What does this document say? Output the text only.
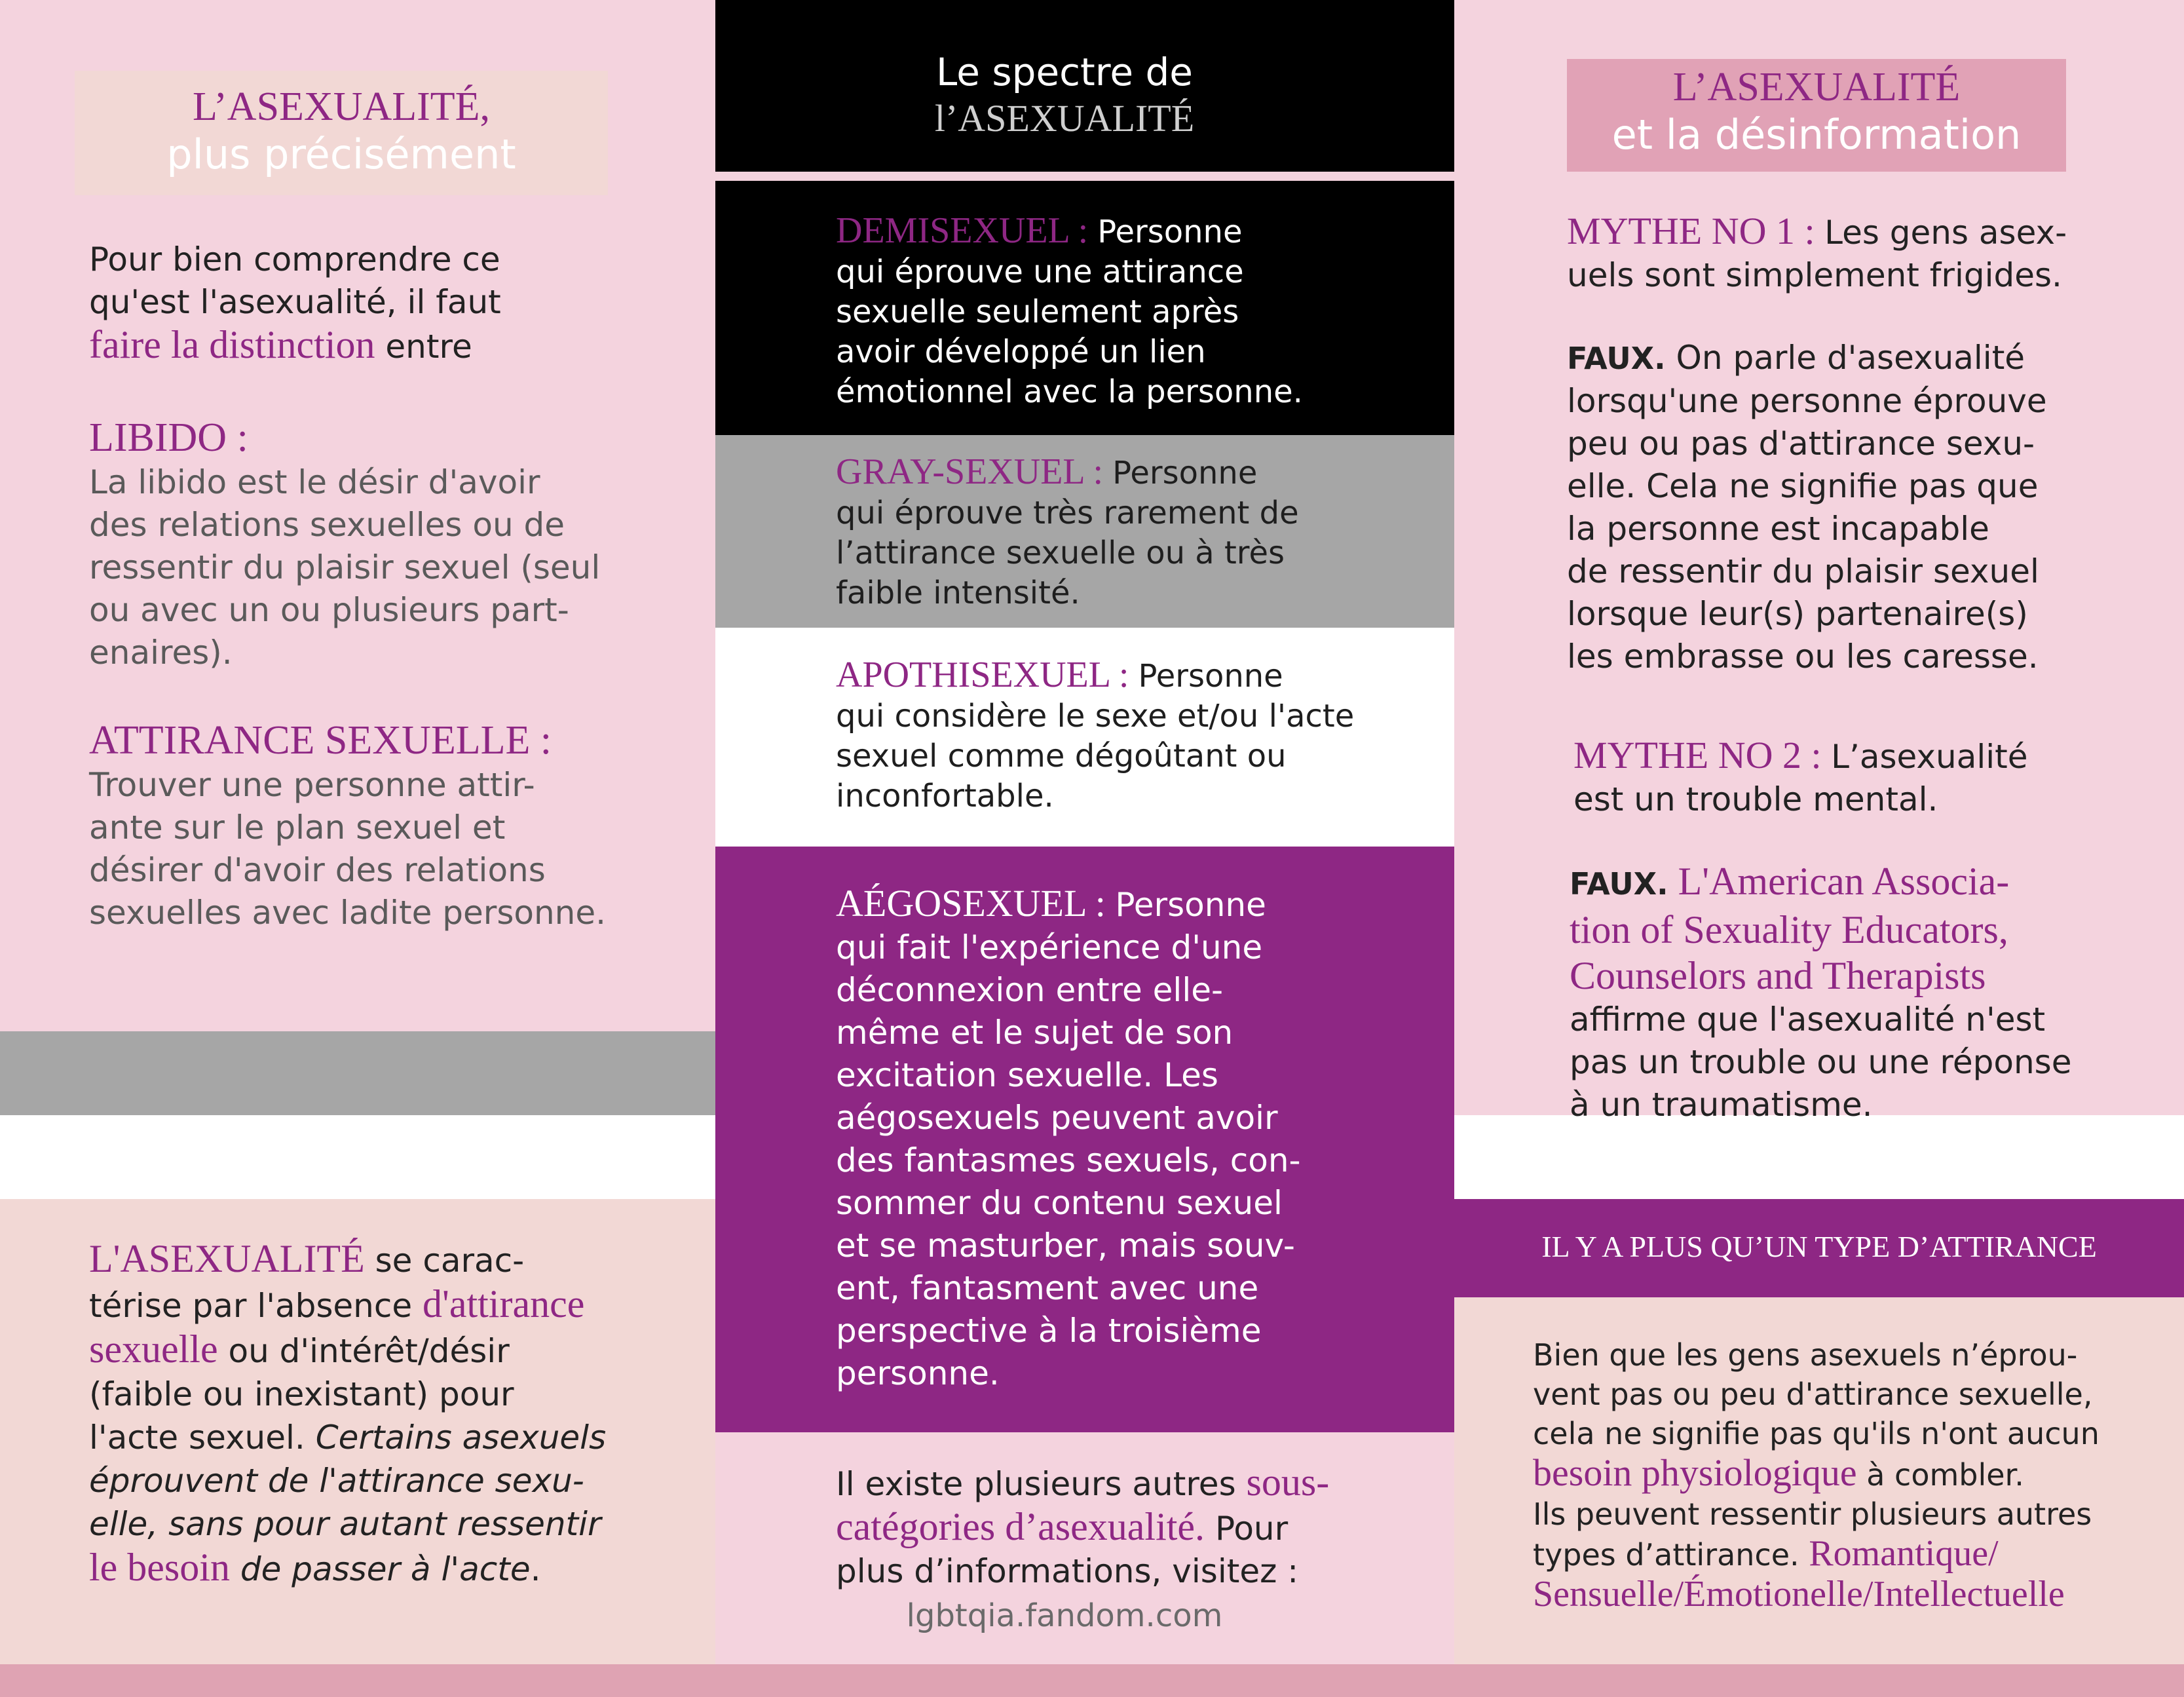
L’ASEXUALITÉ,
plus précisément

Pour bien comprendre ce

qu'est l'asexualité, il faut

faire la distinction entre

LIBIDO :

La libido est le désir d'avoir

des relations sexuelles ou de

ressentir du plaisir sexuel (seul

ou avec un ou plusieurs part-

enaires).

ATTIRANCE SEXUELLE :

Trouver une personne attir-

ante sur le plan sexuel et

désirer d'avoir des relations

sexuelles avec ladite personne.

L'ASEXUALITÉ se carac-

térise par l'absence d'attirance

sexuelle ou d'intérêt/désir

(faible ou inexistant) pour

l'acte sexuel. Certains asexuels

éprouvent de l'attirance sexu-

elle, sans pour autant ressentir

le besoin de passer à l'acte.

Le spectre de
l’ASEXUALITÉ

DEMISEXUEL : Personne

qui éprouve une attirance

sexuelle seulement après

avoir développé un lien

émotionnel avec la personne.

GRAY-SEXUEL : Personne

qui éprouve très rarement de

l’attirance sexuelle ou à très

faible intensité.

APOTHISEXUEL : Personne

qui considère le sexe et/ou l'acte

sexuel comme dégoûtant ou

inconfortable.

AÉGOSEXUEL : Personne

qui fait l'expérience d'une

déconnexion entre elle-

même et le sujet de son

excitation sexuelle. Les

aégosexuels peuvent avoir

des fantasmes sexuels, con-

sommer du contenu sexuel

et se masturber, mais souv-

ent, fantasment avec une

perspective à la troisième

personne.

Il existe plusieurs autres sous-

catégories d’asexualité. Pour

plus d’informations, visitez :

lgbtqia.fandom.com
L’ASEXUALITÉ
et la désinformation

MYTHE NO 1 : Les gens asex-

uels sont simplement frigides.

FAUX. On parle d'asexualité

lorsqu'une personne éprouve

peu ou pas d'attirance sexu-

elle. Cela ne signifie pas que

la personne est incapable

de ressentir du plaisir sexuel

lorsque leur(s) partenaire(s)

les embrasse ou les caresse.

MYTHE NO 2 : L’asexualité

est un trouble mental.

FAUX. L'American Associa-

tion of Sexuality Educators,

Counselors and Therapists

affirme que l'asexualité n'est

pas un trouble ou une réponse

à un traumatisme.

IL Y A PLUS QU’UN TYPE D’ATTIRANCE

Bien que les gens asexuels n’éprou-

vent pas ou peu d'attirance sexuelle,

cela ne signifie pas qu'ils n'ont aucun

besoin physiologique à combler.

Ils peuvent ressentir plusieurs autres

types d’attirance. Romantique/

Sensuelle/Émotionelle/Intellectuelle
